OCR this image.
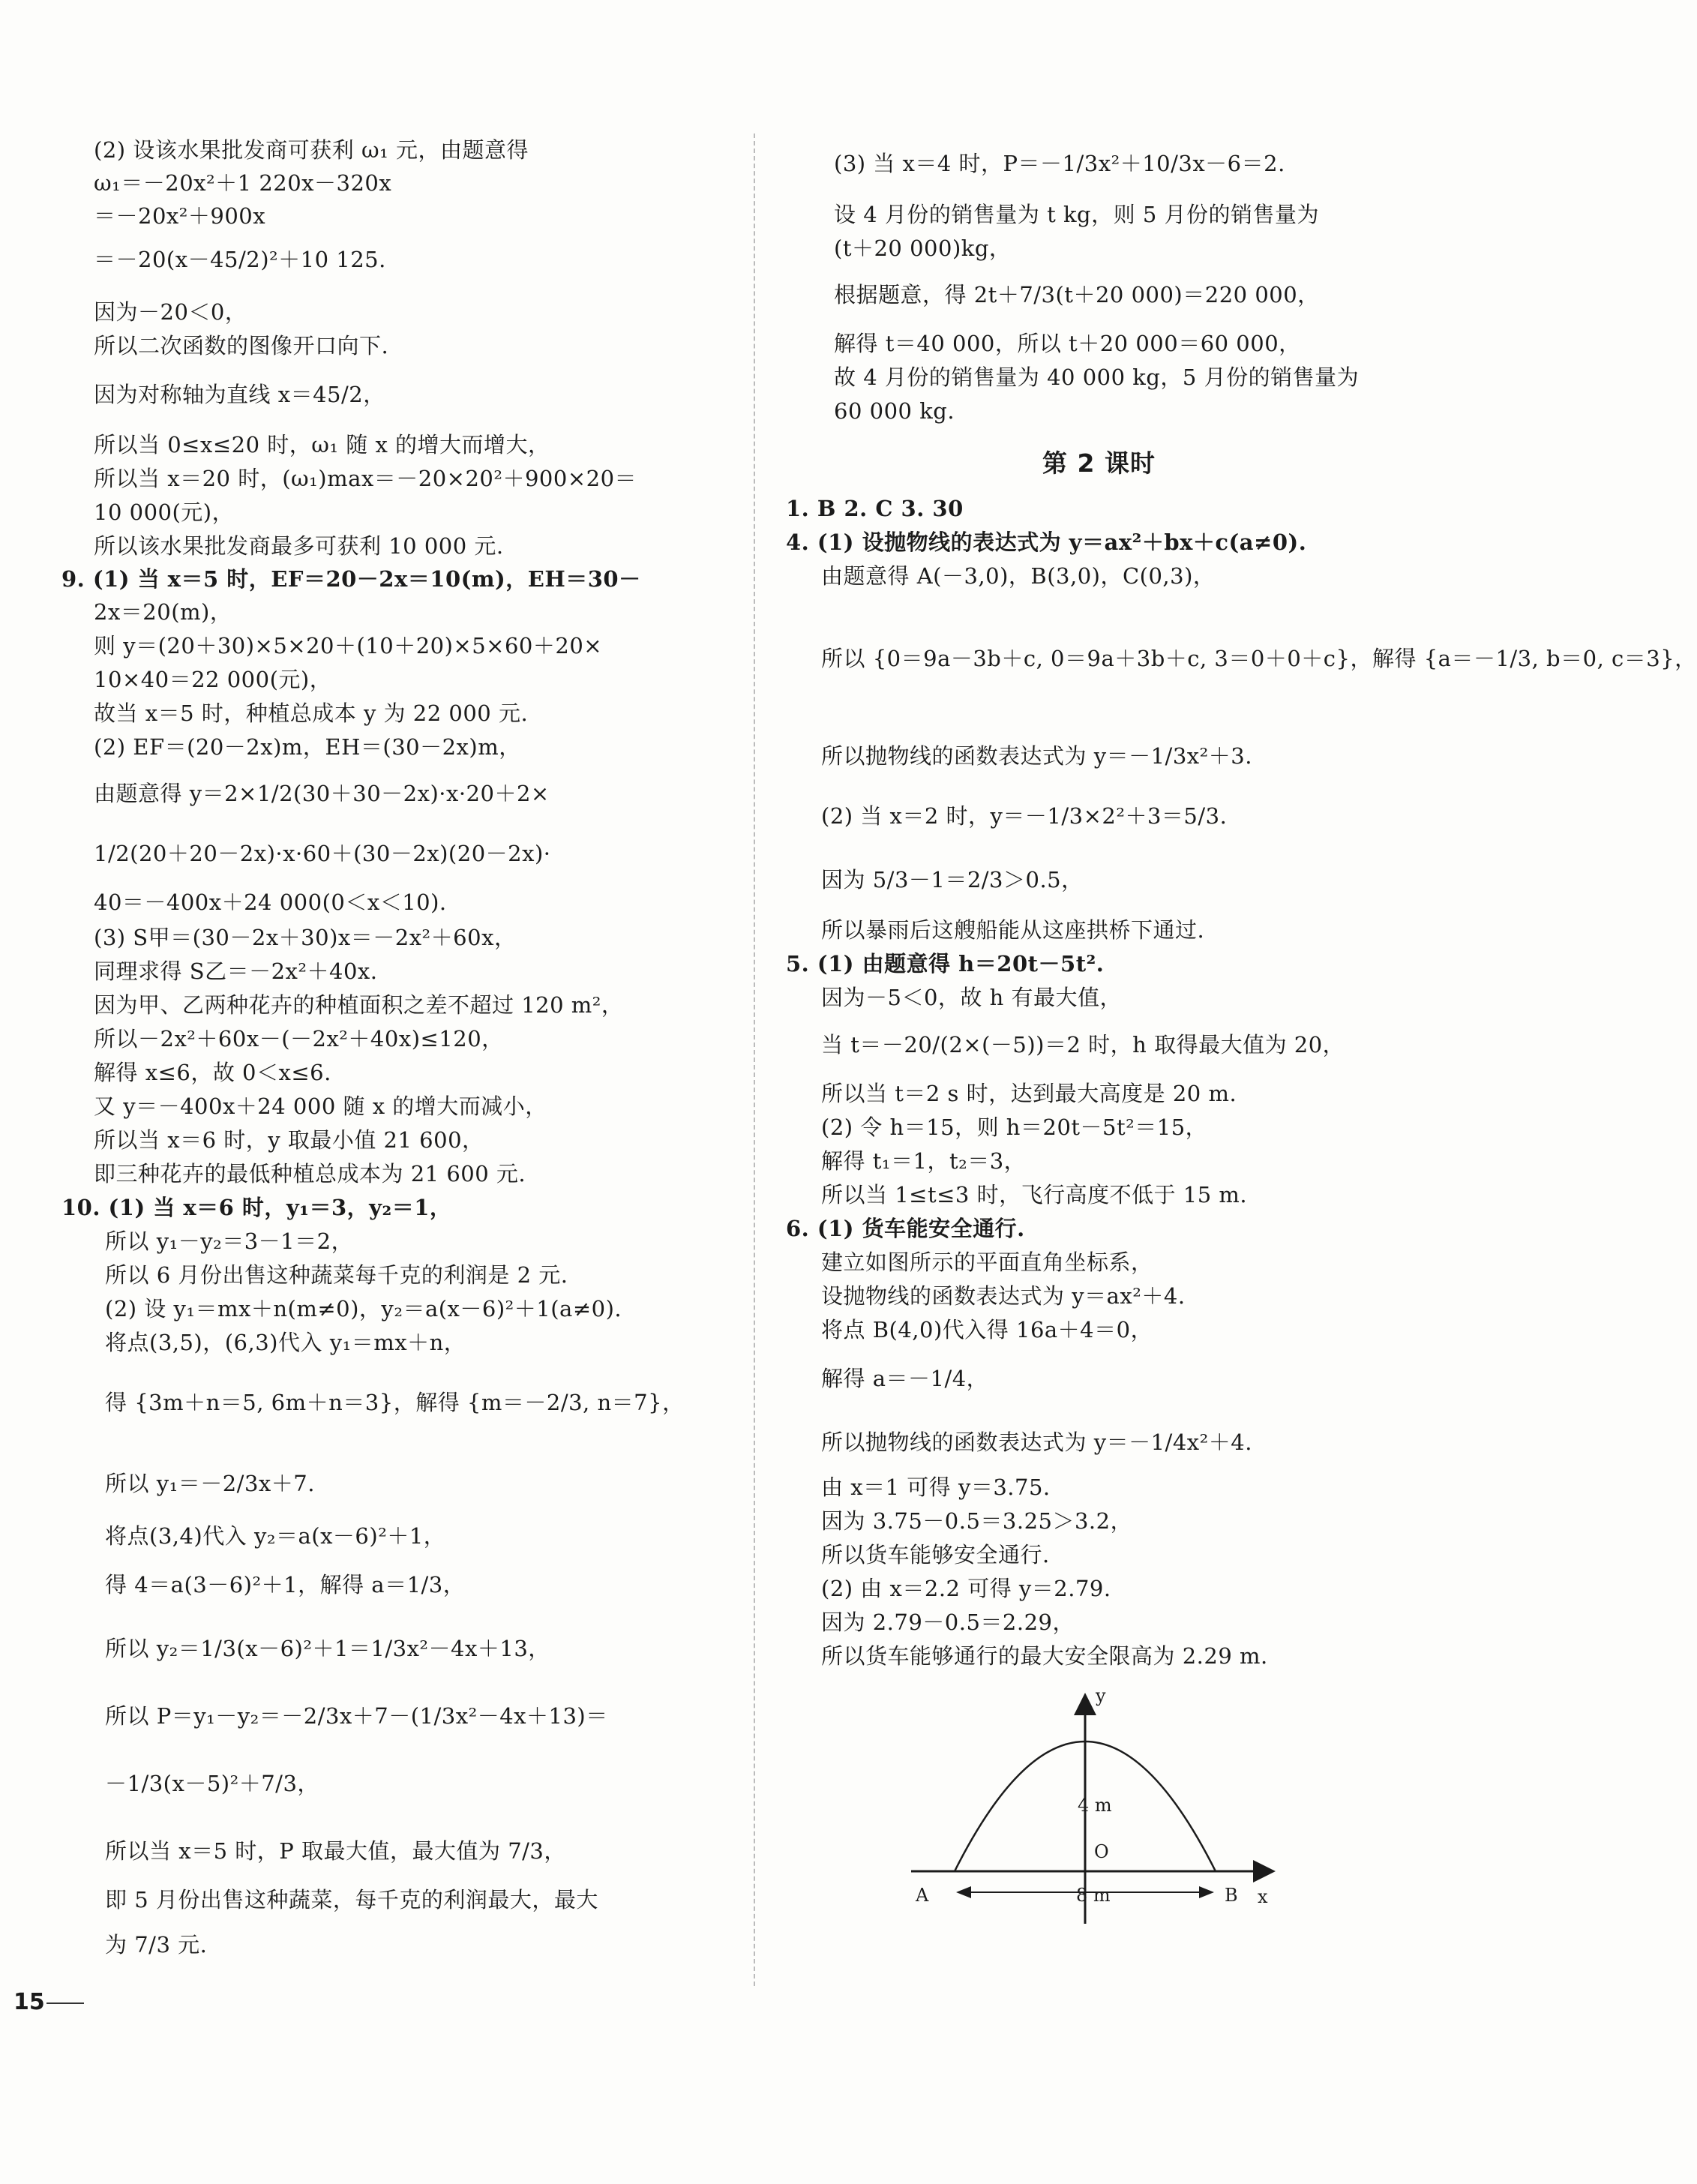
(2) 设该水果批发商可获利 ω₁ 元，由题意得
ω₁＝－20x²＋1 220x－320x
＝－20x²＋900x
＝－20(x－45/2)²＋10 125.
因为－20＜0，
所以二次函数的图像开口向下.
因为对称轴为直线 x＝45/2，
所以当 0≤x≤20 时，ω₁ 随 x 的增大而增大，
所以当 x＝20 时，(ω₁)max＝－20×20²＋900×20＝
10 000(元)，
所以该水果批发商最多可获利 10 000 元.
9. (1) 当 x＝5 时，EF＝20－2x＝10(m)，EH＝30－
2x＝20(m)，
则 y＝(20＋30)×5×20＋(10＋20)×5×60＋20×
10×40＝22 000(元)，
故当 x＝5 时，种植总成本 y 为 22 000 元.
(2) EF＝(20－2x)m，EH＝(30－2x)m，
由题意得 y＝2×1/2(30＋30－2x)·x·20＋2×
1/2(20＋20－2x)·x·60＋(30－2x)(20－2x)·
40＝－400x＋24 000(0＜x＜10).
(3) S甲＝(30－2x＋30)x＝－2x²＋60x，
同理求得 S乙＝－2x²＋40x.
因为甲、乙两种花卉的种植面积之差不超过 120 m²，
所以－2x²＋60x－(－2x²＋40x)≤120，
解得 x≤6，故 0＜x≤6.
又 y＝－400x＋24 000 随 x 的增大而减小，
所以当 x＝6 时，y 取最小值 21 600，
即三种花卉的最低种植总成本为 21 600 元.
10. (1) 当 x＝6 时，y₁＝3，y₂＝1，
所以 y₁－y₂＝3－1＝2，
所以 6 月份出售这种蔬菜每千克的利润是 2 元.
(2) 设 y₁＝mx＋n(m≠0)，y₂＝a(x－6)²＋1(a≠0).
将点(3,5)，(6,3)代入 y₁＝mx＋n，
得 {3m＋n＝5, 6m＋n＝3}，解得 {m＝－2/3, n＝7}，
所以 y₁＝－2/3x＋7.
将点(3,4)代入 y₂＝a(x－6)²＋1，
得 4＝a(3－6)²＋1，解得 a＝1/3，
所以 y₂＝1/3(x－6)²＋1＝1/3x²－4x＋13，
所以 P＝y₁－y₂＝－2/3x＋7－(1/3x²－4x＋13)＝
－1/3(x－5)²＋7/3，
所以当 x＝5 时，P 取最大值，最大值为 7/3，
即 5 月份出售这种蔬菜，每千克的利润最大，最大
为 7/3 元.
(3) 当 x＝4 时，P＝－1/3x²＋10/3x－6＝2.
设 4 月份的销售量为 t kg，则 5 月份的销售量为
(t＋20 000)kg，
根据题意，得 2t＋7/3(t＋20 000)＝220 000，
解得 t＝40 000，所以 t＋20 000＝60 000，
故 4 月份的销售量为 40 000 kg，5 月份的销售量为
60 000 kg.
第 2 课时
1. B 2. C 3. 30
4. (1) 设抛物线的表达式为 y＝ax²＋bx＋c(a≠0).
由题意得 A(－3,0)，B(3,0)，C(0,3)，
所以 {0＝9a－3b＋c, 0＝9a＋3b＋c, 3＝0＋0＋c}，解得 {a＝－1/3, b＝0, c＝3}，
所以抛物线的函数表达式为 y＝－1/3x²＋3.
(2) 当 x＝2 时，y＝－1/3×2²＋3＝5/3.
因为 5/3－1＝2/3＞0.5，
所以暴雨后这艘船能从这座拱桥下通过.
5. (1) 由题意得 h＝20t－5t².
因为－5＜0，故 h 有最大值，
当 t＝－20/(2×(－5))＝2 时，h 取得最大值为 20，
所以当 t＝2 s 时，达到最大高度是 20 m.
(2) 令 h＝15，则 h＝20t－5t²＝15，
解得 t₁＝1，t₂＝3，
所以当 1≤t≤3 时，飞行高度不低于 15 m.
6. (1) 货车能安全通行.
建立如图所示的平面直角坐标系，
设抛物线的函数表达式为 y＝ax²＋4.
将点 B(4,0)代入得 16a＋4＝0，
解得 a＝－1/4，
所以抛物线的函数表达式为 y＝－1/4x²＋4.
由 x＝1 可得 y＝3.75.
因为 3.75－0.5＝3.25＞3.2，
所以货车能够安全通行.
(2) 由 x＝2.2 可得 y＝2.79.
因为 2.79－0.5＝2.29，
所以货车能够通行的最大安全限高为 2.29 m.
A	B x
y
O
4 m
8 m
15
